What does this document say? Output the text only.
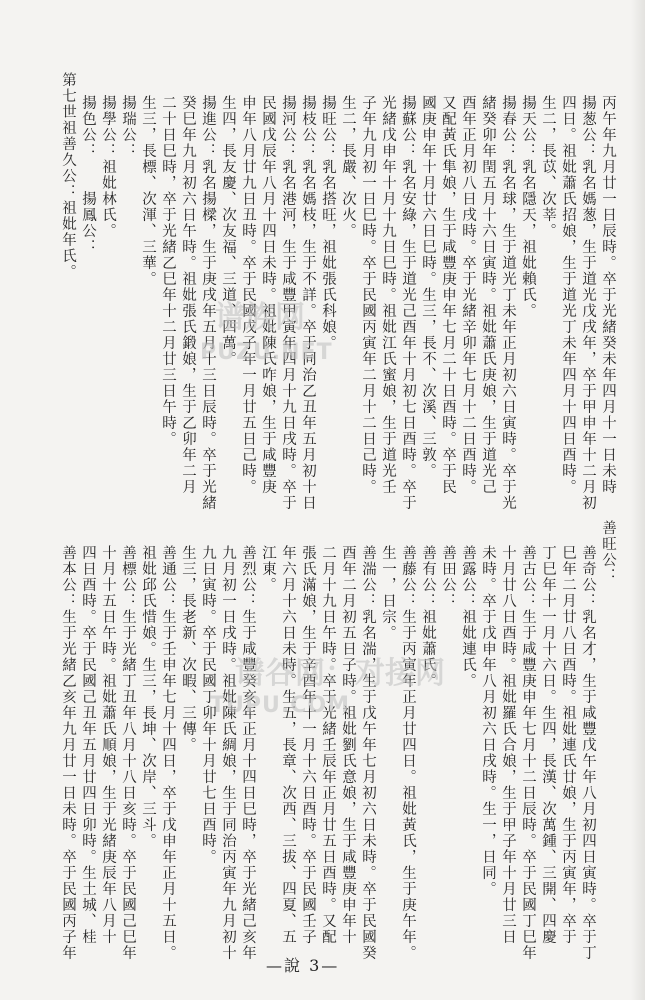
丙午年九月廿一日辰時。卒于光緒癸未年四月十一日未時
揚葱公：乳名媽葱，生于道光戊戌年，卒于甲申年十二月初
四日。祖妣蕭氏招娘，生于道光丁未年四月十四日酉時。
生二，長苡、次莘。
揚天公：乳名隱天，祖妣賴氏。
揚春公：乳名球，生于道光丁未年正月初六日寅時。卒于光
緒癸卯年閏五月十六日寅時。祖妣蕭氏庚娘，生于道光己
酉年正月初八日戌時。卒于光緒辛卯年七月十二日酉時。
又配黃氏隼娘，生于咸豐庚申年七月二十日酉時。卒于民
國庚申年十月廿六日巳時。生三，長不、次溪、三敦。
揚蘇公：乳名安綠，生于道光己酉年十月初七日酉時。卒于
光緒戊申年十月十九日巳時。祖妣江氏蜜娘，生于道光壬
子年九月初一日巳時。卒于民國丙寅年二月十二日己時。
生二，長嚴、次火。
揚旺公：乳名搭旺，祖妣張氏科娘。
揚枝公：乳名媽枝，生于不詳。卒于同治乙丑年五月初十日
揚河公：乳名港河，生于咸豐甲寅年四月十九日戌時。卒于
民國戊辰年八月十四日未時。祖妣陳氏咋娘，生于咸豐庚
申年八月廿九日丑時。卒于民國戊子年一月廿五日己時。
生四，長友慶、次友福、三道、四萬。
揚進公：乳名揚樑，生于庚戌年五月十三日辰時。卒于光緒
癸巳年九月初六日午時。祖妣張氏鍛娘，生于乙卯年二月
二十日巳時，卒于光緒乙巳年十二月廿三日午時。
生三，長標、次渾、三華。
揚瑞公：
揚學公：祖妣林氏。
揚色公：　　揚鳳公：
第七世祖善久公：祖妣年氏。
善旺公：
善奇公：乳名才，生于咸豐戊午年八月初四日寅時。卒于丁
巳年二月廿八日酉時。祖妣連氏廿娘，生于丙寅年，卒于
丁巳年十一月十六日。生四，長漢、次萬鍾、三開、四慶
善古公：生于咸豐庚申年七月十二日辰時。卒于民國丁巳年
十月廿八日酉時。祖妣羅氏合娘，生于甲子年十月廿三日
未時。卒于戊申年八月初六日戌時。生一，日同。
善露公：祖妣連氏。
善田公：
善有公：祖妣蕭氏。
善藤公：生于丙寅年正月廿四日。祖妣黃氏，生于庚午年。
生一，日宗。
善湍公：乳名湍，生于戊午年七月初六日未時。卒于民國癸
酉年二月初五日子時。祖妣劉氏意娘，生于咸豐庚申年十
二月十九日午時。卒于光緒壬辰年正月廿五日酉時。又配
張氏滿娘，生于辛酉年十一月十六日酉時。卒于民國壬子
年六月十六日未時。生五，長章、次西、三拔、四夏、五
江東。
善烈公：生于咸豐癸亥年正月十四日巳時，卒于光緒己亥年
九月初一日戌時。祖妣陳氏綢娘，生于同治丙寅年九月初十
九日寅時。卒于民國丁卯年十月廿七日酉時。
生三，長老新、次暇、三傳。
善通公：生于壬申年七月十四日，卒于戊申年正月十五日。
祖妣邱氏惜娘。生三，長坤、次岸、三斗。
善標公：生于光緒丁丑年八月十八日亥時。卒于民國己巳年
十月十五日午時。祖妣蕭氏順娘，生于光緒庚辰年八月十
四日酉時。卒于民國己丑年五月廿四日卯時。生土城、桂
善本公：生于光緒乙亥年九月廿一日未時。卒于民國丙子年
谱族网
PUZU.NET
谱谷网：对接网
TUPU.COM
—說 3—
